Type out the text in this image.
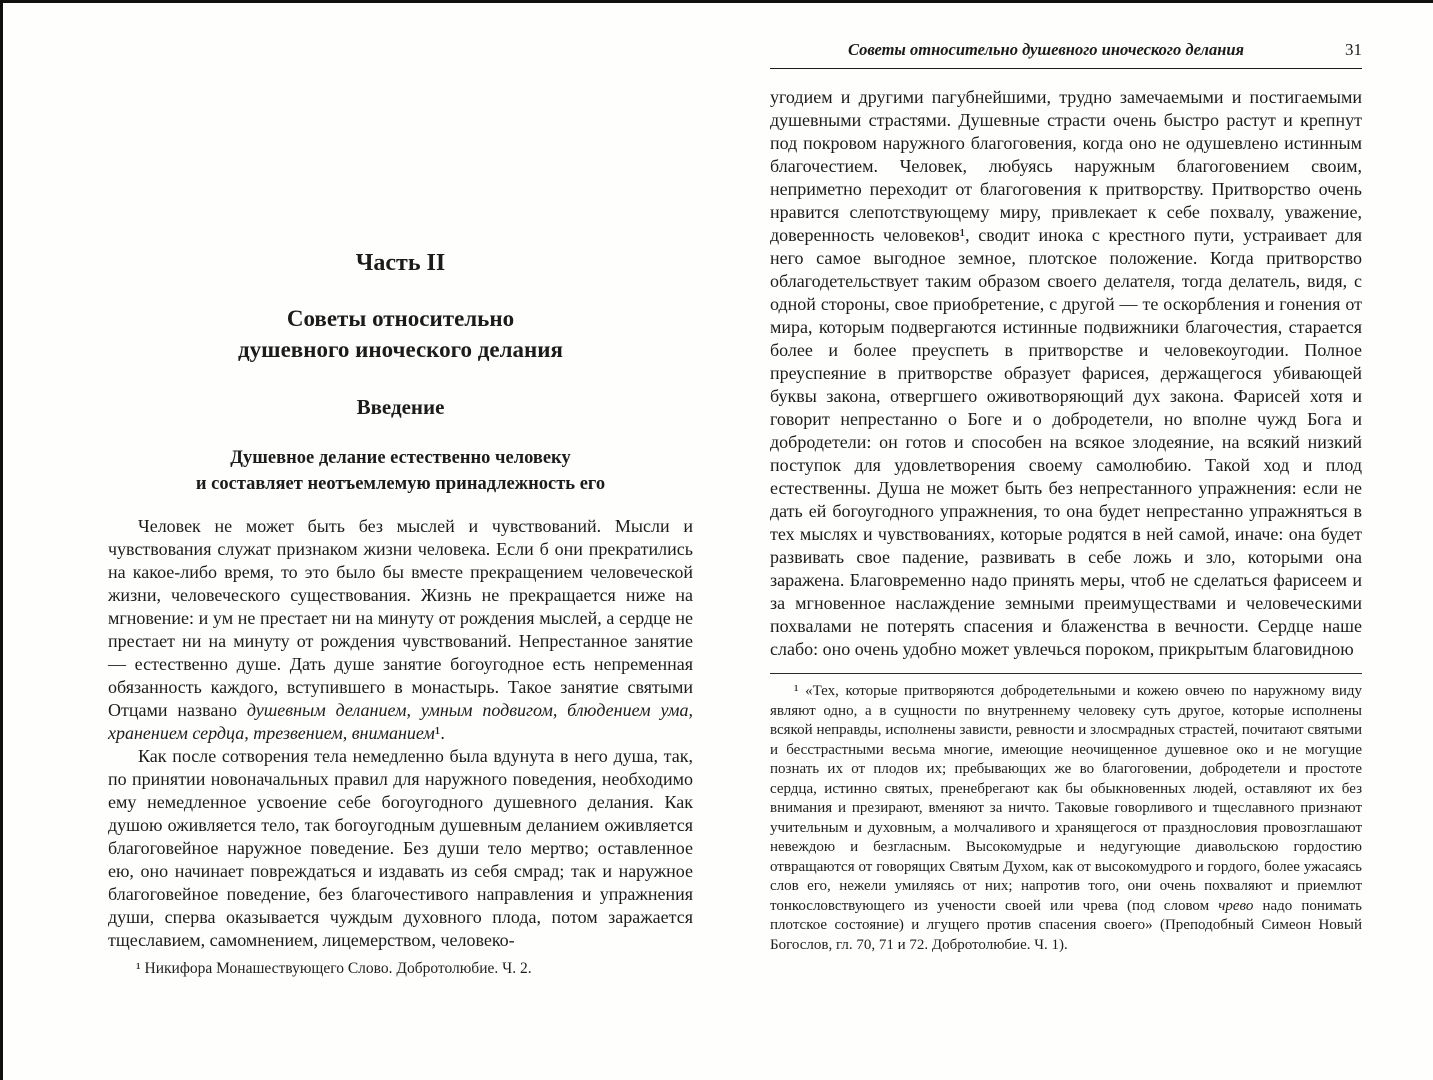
Часть II
Советы относительно
душевного иноческого делания
Введение
Душевное делание естественно человеку
и составляет неотъемлемую принадлежность его

Человек не может быть без мыслей и чувствований. Мысли и чувствования служат признаком жизни человека. Если б они прекратились на какое-либо время, то это было бы вместе прекращением человеческой жизни, человеческого существования. Жизнь не прекращается ниже на мгновение: и ум не престает ни на минуту от рождения мыслей, а сердце не престает ни на минуту от рождения чувствований. Непрестанное занятие — естественно душе. Дать душе занятие богоугодное есть непременная обязанность каждого, вступившего в монастырь. Такое занятие святыми Отцами названо душевным деланием, умным подвигом, блюдением ума, хранением сердца, трезвением, вниманием¹.

Как после сотворения тела немедленно была вдунута в него душа, так, по принятии новоначальных правил для наружного поведения, необходимо ему немедленное усвоение себе богоугодного душевного делания. Как душою оживляется тело, так богоугодным душевным деланием оживляется благоговейное наружное поведение. Без души тело мертво; оставленное ею, оно начинает повреждаться и издавать из себя смрад; так и наружное благоговейное поведение, без благочестивого направления и упражнения души, сперва оказывается чуждым духовного плода, потом заражается тщеславием, самомнением, лицемерством, человеко-

¹ Никифора Монашествующего Слово. Добротолюбие. Ч. 2.
Советы относительно душевного иноческого делания	31

угодием и другими пагубнейшими, трудно замечаемыми и постигаемыми душевными страстями. Душевные страсти очень быстро растут и крепнут под покровом наружного благоговения, когда оно не одушевлено истинным благочестием. Человек, любуясь наружным благоговением своим, неприметно переходит от благоговения к притворству. Притворство очень нравится слепотствующему миру, привлекает к себе похвалу, уважение, доверенность человеков¹, сводит инока с крестного пути, устраивает для него самое выгодное земное, плотское положение. Когда притворство облагодетельствует таким образом своего делателя, тогда делатель, видя, с одной стороны, свое приобретение, с другой — те оскорбления и гонения от мира, которым подвергаются истинные подвижники благочестия, старается более и более преуспеть в притворстве и человекоугодии. Полное преуспеяние в притворстве образует фарисея, держащегося убивающей буквы закона, отвергшего оживотворяющий дух закона. Фарисей хотя и говорит непрестанно о Боге и о добродетели, но вполне чужд Бога и добродетели: он готов и способен на всякое злодеяние, на всякий низкий поступок для удовлетворения своему самолюбию. Такой ход и плод естественны. Душа не может быть без непрестанного упражнения: если не дать ей богоугодного упражнения, то она будет непрестанно упражняться в тех мыслях и чувствованиях, которые родятся в ней самой, иначе: она будет развивать свое падение, развивать в себе ложь и зло, которыми она заражена. Благовременно надо принять меры, чтоб не сделаться фарисеем и за мгновенное наслаждение земными преимуществами и человеческими похвалами не потерять спасения и блаженства в вечности. Сердце наше слабо: оно очень удобно может увлечься пороком, прикрытым благовидною

¹ «Тех, которые притворяются добродетельными и кожею овчею по наружному виду являют одно, а в сущности по внутреннему человеку суть другое, которые исполнены всякой неправды, исполнены зависти, ревности и злосмрадных страстей, почитают святыми и бесстрастными весьма многие, имеющие неочищенное душевное око и не могущие познать их от плодов их; пребывающих же во благоговении, добродетели и простоте сердца, истинно святых, пренебрегают как бы обыкновенных людей, оставляют их без внимания и презирают, вменяют за ничто. Таковые говорливого и тщеславного признают учительным и духовным, а молчаливого и хранящегося от празднословия провозглашают невеждою и безгласным. Высокомудрые и недугующие диавольскою гордостию отвращаются от говорящих Святым Духом, как от высокомудрого и гордого, более ужасаясь слов его, нежели умиляясь от них; напротив того, они очень похваляют и приемлют тонкословствующего из учености своей или чрева (под словом чрево надо понимать плотское состояние) и лгущего против спасения своего» (Преподобный Симеон Новый Богослов, гл. 70, 71 и 72. Добротолюбие. Ч. 1).
